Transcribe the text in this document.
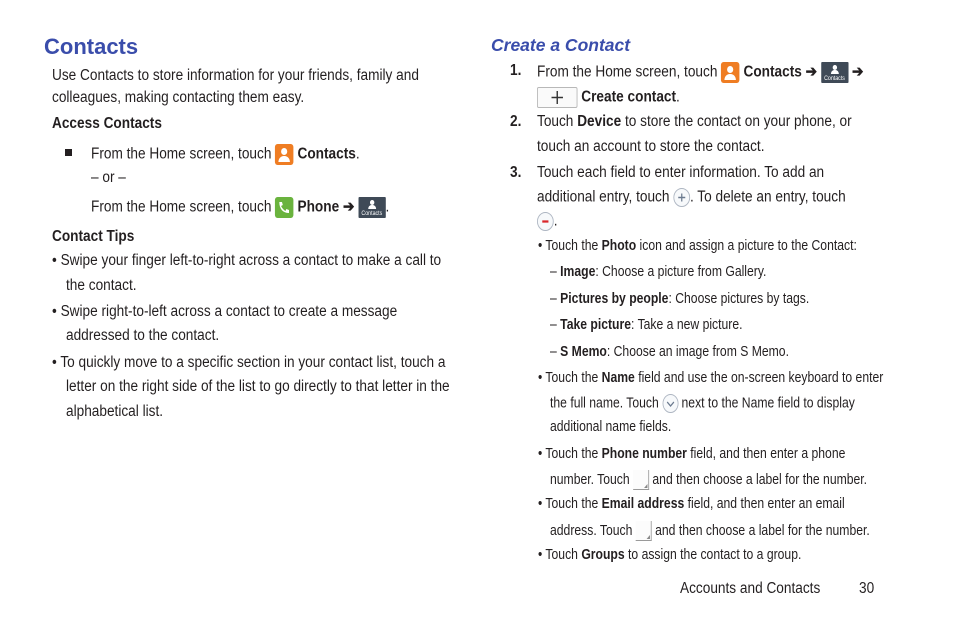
Contacts
Use Contacts to store information for your friends, family and
colleagues, making contacting them easy.
Access Contacts
From the Home screen, touch  Contacts.
– or –
From the Home screen, touch
Phone ➔	Contacts .
Contact Tips
• Swipe your finger left-to-right across a contact to make a call to
the contact.
• Swipe right-to-left across a contact to create a message
addressed to the contact.
• To quickly move to a specific section in your contact list, touch a
letter on the right side of the list to go directly to that letter in the
alphabetical list.
Create a Contact
1. From the Home screen, touch  Contacts ➔	Contacts ➔
Create contact.
2. Touch Device to store the contact on your phone, or
touch an account to store the contact.
3. Touch each field to enter information. To add an
additional entry, touch
. To delete an entry, touch
.
• Touch the Photo icon and assign a picture to the Contact:
– Image: Choose a picture from Gallery.
– Pictures by people: Choose pictures by tags.
– Take picture: Take a new picture.
– S Memo: Choose an image from S Memo.
• Touch the Name field and use the on-screen keyboard to enter
the full name. Touch
next to the Name field to display
additional name fields.
• Touch the Phone number field, and then enter a phone
number. Touch  and then choose a label for the number.
• Touch the Email address field, and then enter an email
address. Touch  and then choose a label for the number.
• Touch Groups to assign the contact to a group.
Accounts and Contacts 30
